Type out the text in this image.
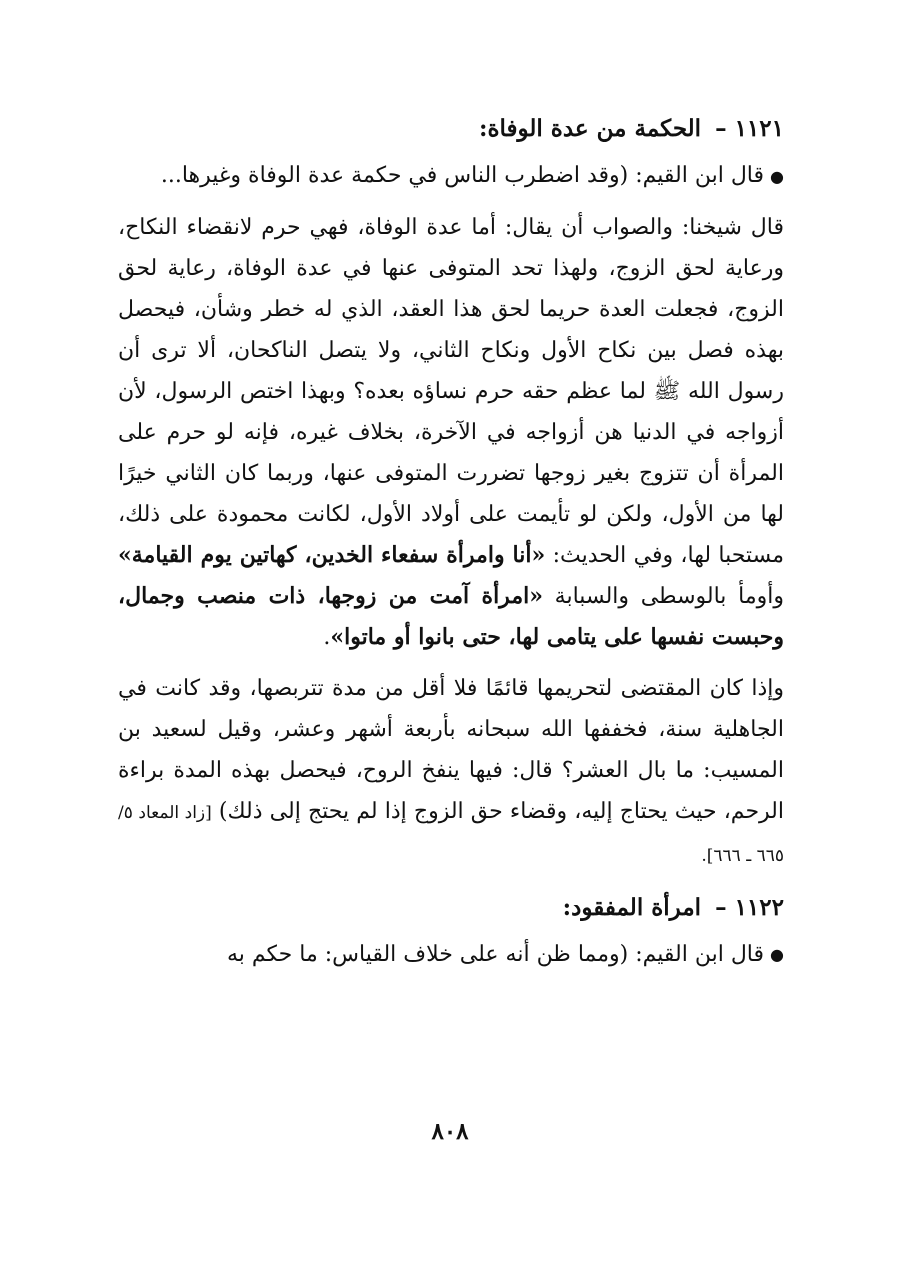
١١٢١ –الحكمة من عدة الوفاة:

●قال ابن القيم: (وقد اضطرب الناس في حكمة عدة الوفاة وغيرها...

قال شيخنا: والصواب أن يقال: أما عدة الوفاة، فهي حرم لانقضاء النكاح، ورعاية لحق الزوج، ولهذا تحد المتوفى عنها في عدة الوفاة، رعاية لحق الزوج، فجعلت العدة حريما لحق هذا العقد، الذي له خطر وشأن، فيحصل بهذه فصل بين نكاح الأول ونكاح الثاني، ولا يتصل الناكحان، ألا ترى أن رسول الله ﷺ لما عظم حقه حرم نساؤه بعده؟ وبهذا اختص الرسول، لأن أزواجه في الدنيا هن أزواجه في الآخرة، بخلاف غيره، فإنه لو حرم على المرأة أن تتزوج بغير زوجها تضررت المتوفى عنها، وربما كان الثاني خيرًا لها من الأول، ولكن لو تأيمت على أولاد الأول، لكانت محمودة على ذلك، مستحبا لها، وفي الحديث: «أنا وامرأة سفعاء الخدين، كهاتين يوم القيامة» وأومأ بالوسطى والسبابة «امرأة آمت من زوجها، ذات منصب وجمال، وحبست نفسها على يتامى لها، حتى بانوا أو ماتوا».

وإذا كان المقتضى لتحريمها قائمًا فلا أقل من مدة تتربصها، وقد كانت في الجاهلية سنة، فخففها الله سبحانه بأربعة أشهر وعشر، وقيل لسعيد بن المسيب: ما بال العشر؟ قال: فيها ينفخ الروح، فيحصل بهذه المدة براءة الرحم، حيث يحتاج إليه، وقضاء حق الزوج إذا لم يحتج إلى ذلك) [زاد المعاد ٥/ ٦٦٥ ـ ٦٦٦].

١١٢٢ –امرأة المفقود:

●قال ابن القيم: (ومما ظن أنه على خلاف القياس: ما حكم به

٨٠٨
